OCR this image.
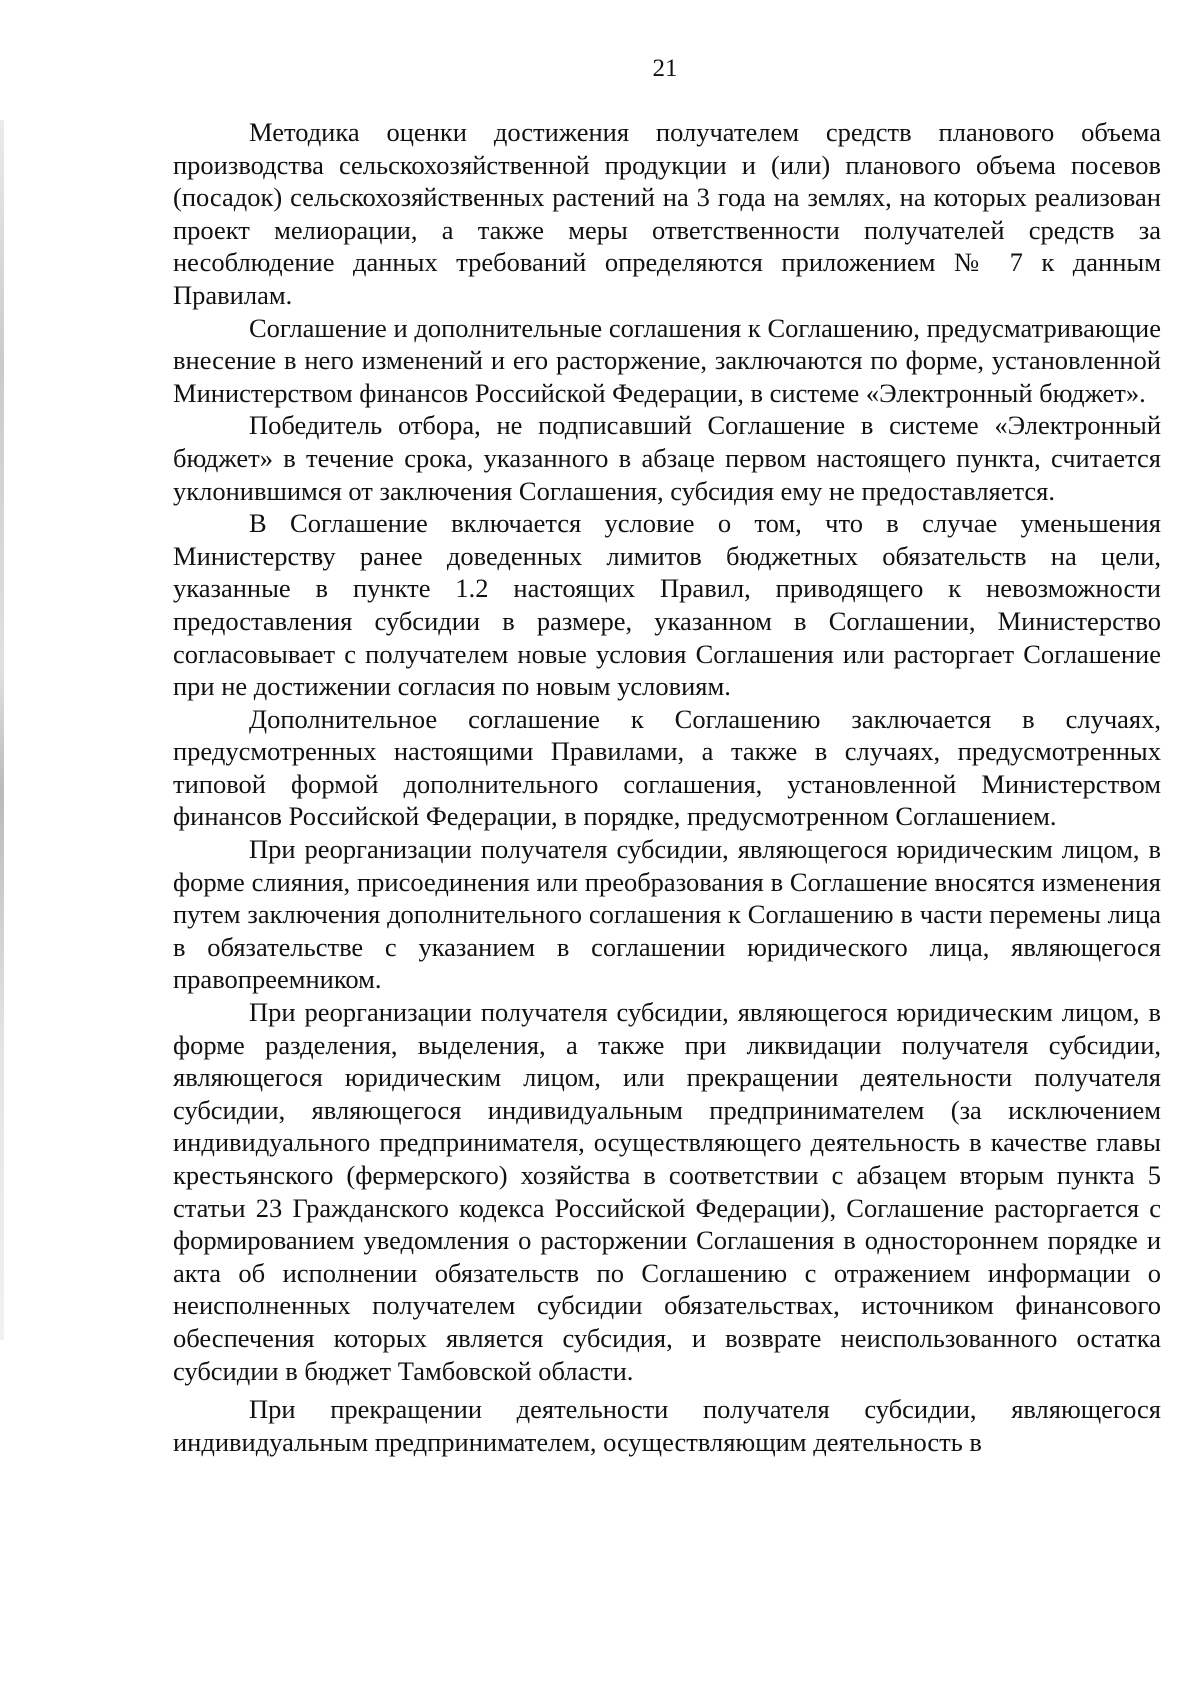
21

Методика оценки достижения получателем средств планового объема производства сельскохозяйственной продукции и (или) планового объема посевов (посадок) сельскохозяйственных растений на 3 года на землях, на которых реализован проект мелиорации, а также меры ответственности получателей средств за несоблюдение данных требований определяются приложением № 7 к данным Правилам.

Соглашение и дополнительные соглашения к Соглашению, предусматривающие внесение в него изменений и его расторжение, заключаются по форме, установленной Министерством финансов Российской Федерации, в системе «Электронный бюджет».

Победитель отбора, не подписавший Соглашение в системе «Электронный бюджет» в течение срока, указанного в абзаце первом настоящего пункта, считается уклонившимся от заключения Соглашения, субсидия ему не предоставляется.

В Соглашение включается условие о том, что в случае уменьшения Министерству ранее доведенных лимитов бюджетных обязательств на цели, указанные в пункте 1.2 настоящих Правил, приводящего к невозможности предоставления субсидии в размере, указанном в Соглашении, Министерство согласовывает с получателем новые условия Соглашения или расторгает Соглашение при не достижении согласия по новым условиям.

Дополнительное соглашение к Соглашению заключается в случаях, предусмотренных настоящими Правилами, а также в случаях, предусмотренных типовой формой дополнительного соглашения, установленной Министерством финансов Российской Федерации, в порядке, предусмотренном Соглашением.

При реорганизации получателя субсидии, являющегося юридическим лицом, в форме слияния, присоединения или преобразования в Соглашение вносятся изменения путем заключения дополнительного соглашения к Соглашению в части перемены лица в обязательстве с указанием в соглашении юридического лица, являющегося правопреемником.

При реорганизации получателя субсидии, являющегося юридическим лицом, в форме разделения, выделения, а также при ликвидации получателя субсидии, являющегося юридическим лицом, или прекращении деятельности получателя субсидии, являющегося индивидуальным предпринимателем (за исключением индивидуального предпринимателя, осуществляющего деятельность в качестве главы крестьянского (фермерского) хозяйства в соответствии с абзацем вторым пункта 5 статьи 23 Гражданского кодекса Российской Федерации), Соглашение расторгается с формированием уведомления о расторжении Соглашения в одностороннем порядке и акта об исполнении обязательств по Соглашению с отражением информации о неисполненных получателем субсидии обязательствах, источником финансового обеспечения которых является субсидия, и возврате неиспользованного остатка субсидии в бюджет Тамбовской области.

При прекращении деятельности получателя субсидии, являющегося индивидуальным предпринимателем, осуществляющим деятельность в
